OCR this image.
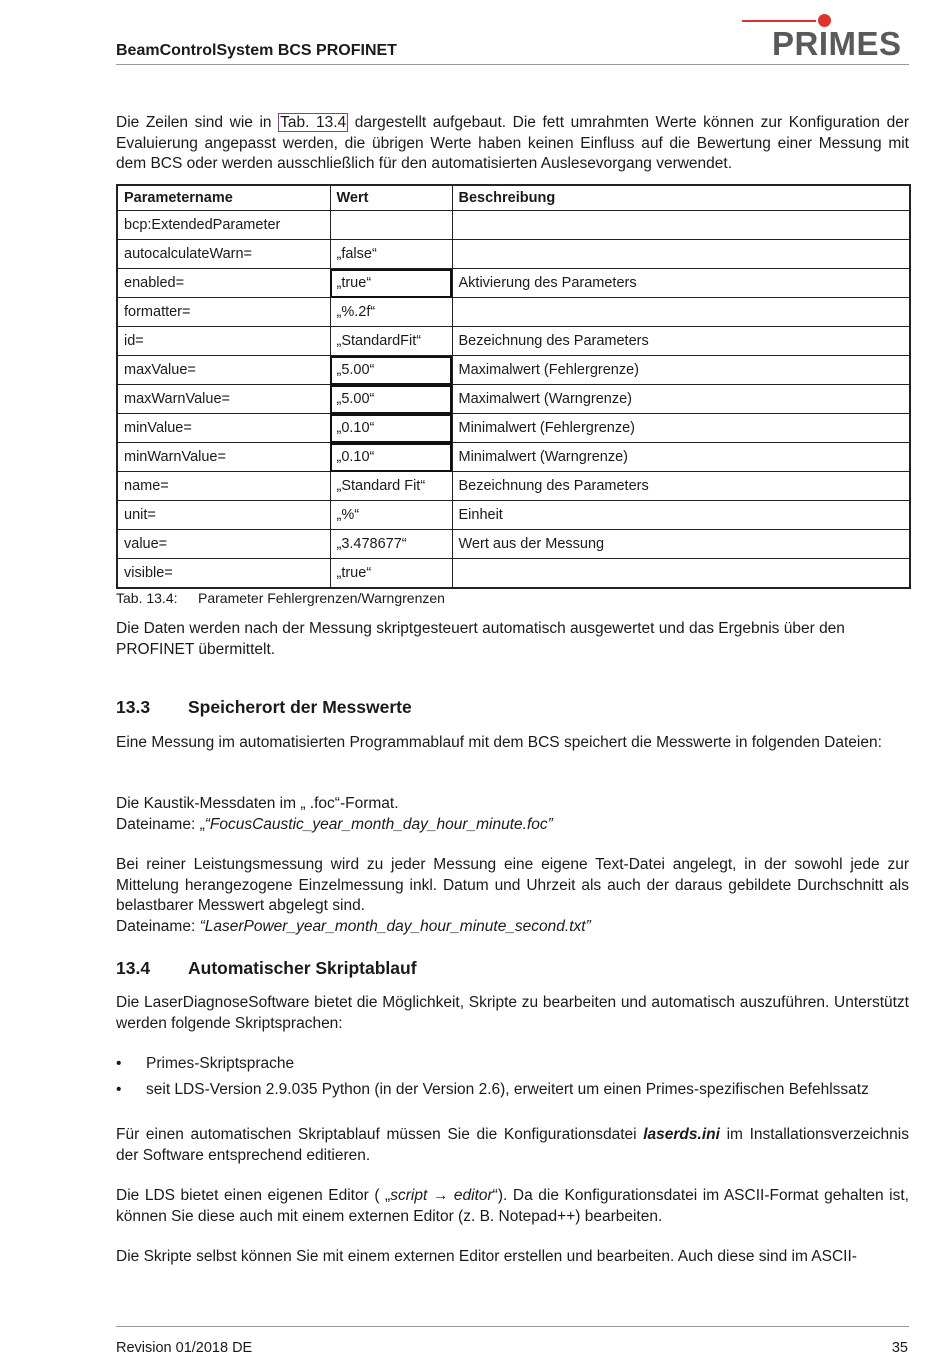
BeamControlSystem BCS PROFINET	PRIMES
Die Zeilen sind wie in Tab. 13.4 dargestellt aufgebaut. Die fett umrahmten Werte können zur Konfiguration der Evaluierung angepasst werden, die übrigen Werte haben keinen Einfluss auf die Bewertung einer Messung mit dem BCS oder werden ausschließlich für den automatisierten Auslesevorgang verwendet.
Parametername	Wert	Beschreibung
bcp:ExtendedParameter		
autocalculateWarn=	„false“	
enabled=	„true“	Aktivierung des Parameters
formatter=	„%.2f“	
id=	„StandardFit“	Bezeichnung des Parameters
maxValue=	„5.00“	Maximalwert (Fehlergrenze)
maxWarnValue=	„5.00“	Maximalwert (Warngrenze)
minValue=	„0.10“	Minimalwert (Fehlergrenze)
minWarnValue=	„0.10“	Minimalwert (Warngrenze)
name=	„Standard Fit“	Bezeichnung des Parameters
unit=	„%“	Einheit
value=	„3.478677“	Wert aus der Messung
visible=	„true“	
Tab. 13.4: Parameter Fehlergrenzen/Warngrenzen
Die Daten werden nach der Messung skriptgesteuert automatisch ausgewertet und das Ergebnis über den PROFINET übermittelt.
13.3 Speicherort der Messwerte
Eine Messung im automatisierten Programmablauf mit dem BCS speichert die Messwerte in folgenden Dateien:
Die Kaustik-Messdaten im „ .foc“-Format.
Dateiname: „“FocusCaustic_year_month_day_hour_minute.foc”
Bei reiner Leistungsmessung wird zu jeder Messung eine eigene Text-Datei angelegt, in der sowohl jede zur Mittelung herangezogene Einzelmessung inkl. Datum und Uhrzeit als auch der daraus gebildete Durchschnitt als belastbarer Messwert abgelegt sind.
Dateiname: “LaserPower_year_month_day_hour_minute_second.txt”
13.4 Automatischer Skriptablauf
Die LaserDiagnoseSoftware bietet die Möglichkeit, Skripte zu bearbeiten und automatisch auszuführen. Unterstützt werden folgende Skriptsprachen:
• Primes-Skriptsprache
• seit LDS-Version 2.9.035 Python (in der Version 2.6), erweitert um einen Primes-spezifischen Befehlssatz
Für einen automatischen Skriptablauf müssen Sie die Konfigurationsdatei laserds.ini im Installationsverzeichnis der Software entsprechend editieren.
Die LDS bietet einen eigenen Editor ( „script → editor“). Da die Konfigurationsdatei im ASCII-Format gehalten ist, können Sie diese auch mit einem externen Editor (z. B. Notepad++) bearbeiten.
Die Skripte selbst können Sie mit einem externen Editor erstellen und bearbeiten. Auch diese sind im ASCII-
Revision 01/2018 DE	35
